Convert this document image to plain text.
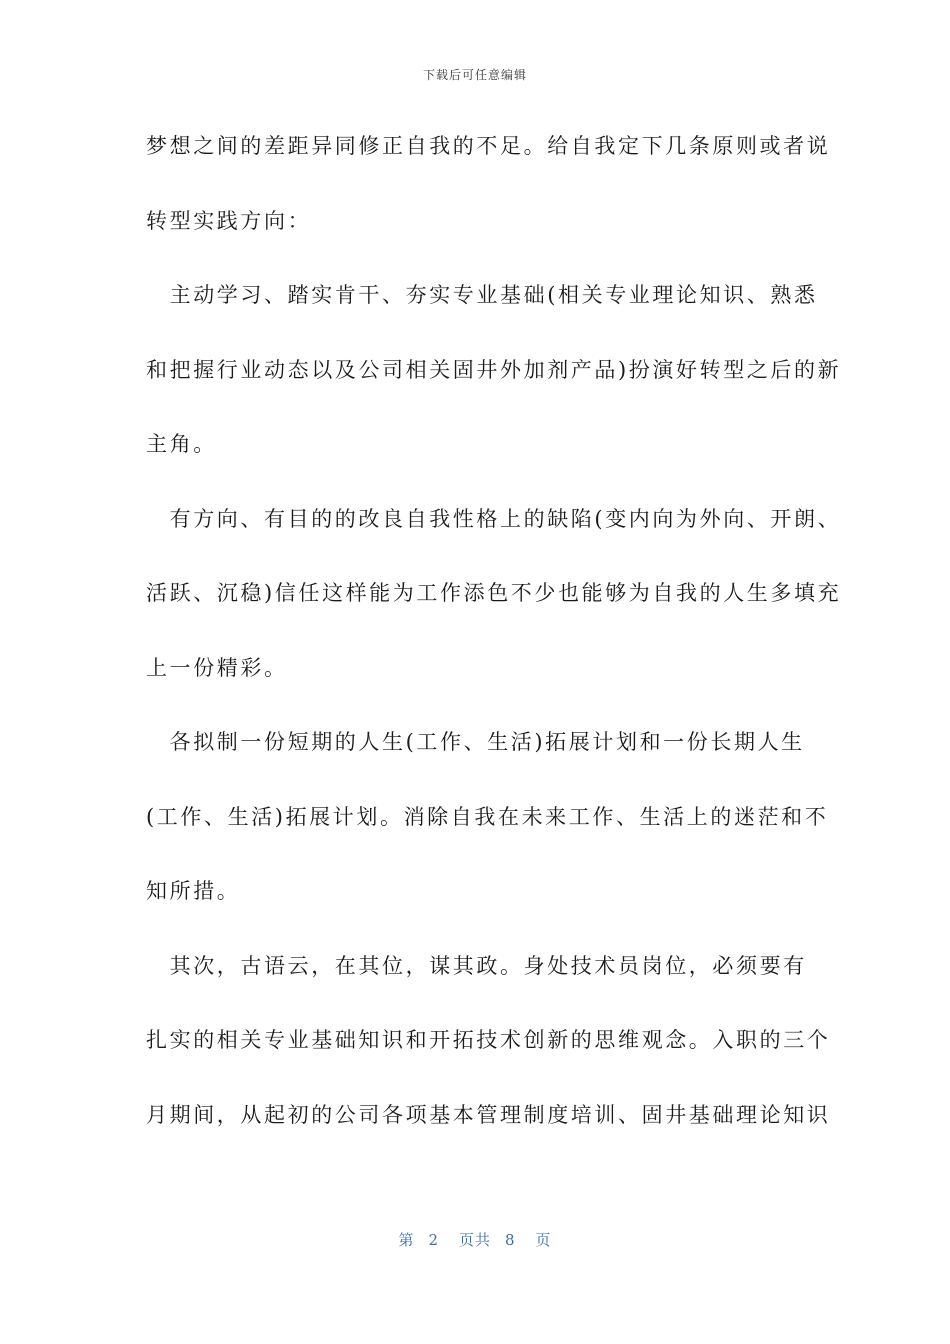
下载后可任意编辑
梦想之间的差距异同修正自我的不足。给自我定下几条原则或者说
转型实践方向：
　主动学习、踏实肯干、夯实专业基础(相关专业理论知识、熟悉
和把握行业动态以及公司相关固井外加剂产品)扮演好转型之后的新
主角。
　有方向、有目的的改良自我性格上的缺陷(变内向为外向、开朗、
活跃、沉稳)信任这样能为工作添色不少也能够为自我的人生多填充
上一份精彩。
　各拟制一份短期的人生(工作、生活)拓展计划和一份长期人生
(工作、生活)拓展计划。消除自我在未来工作、生活上的迷茫和不
知所措。
　其次，古语云，在其位，谋其政。身处技术员岗位，必须要有
扎实的相关专业基础知识和开拓技术创新的思维观念。入职的三个
月期间，从起初的公司各项基本管理制度培训、固井基础理论知识
第 2 页共 8 页
